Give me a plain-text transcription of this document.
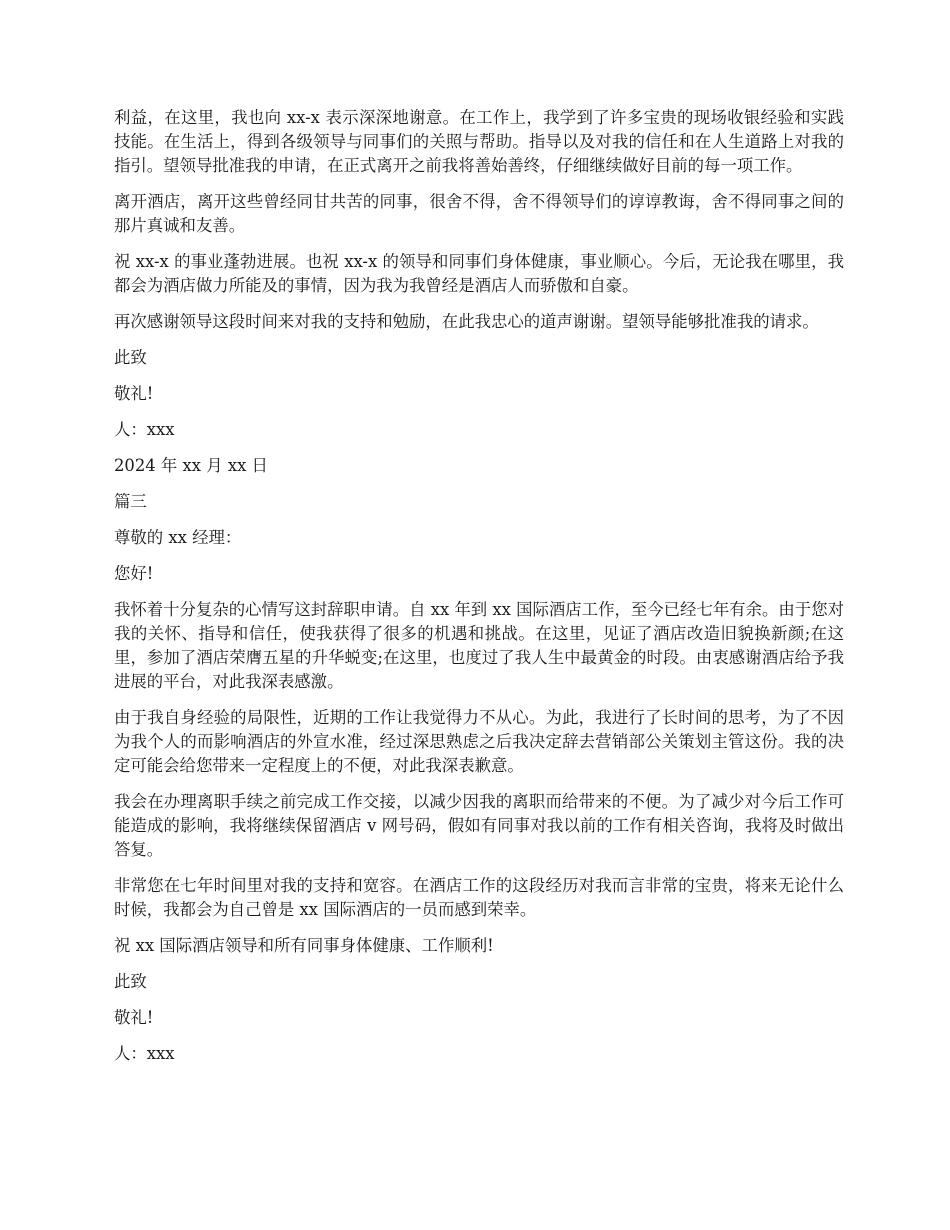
利益，在这里，我也向 xx-x 表示深深地谢意。在工作上，我学到了许多宝贵的现场收银经验和实践技能。在生活上，得到各级领导与同事们的关照与帮助。指导以及对我的信任和在人生道路上对我的指引。望领导批准我的申请，在正式离开之前我将善始善终，仔细继续做好目前的每一项工作。

离开酒店，离开这些曾经同甘共苦的同事，很舍不得，舍不得领导们的谆谆教诲，舍不得同事之间的那片真诚和友善。

祝 xx-x 的事业蓬勃进展。也祝 xx-x 的领导和同事们身体健康，事业顺心。今后，无论我在哪里，我都会为酒店做力所能及的事情，因为我为我曾经是酒店人而骄傲和自豪。

再次感谢领导这段时间来对我的支持和勉励，在此我忠心的道声谢谢。望领导能够批准我的请求。

此致

敬礼!

人：xxx

2024 年 xx 月 xx 日

篇三

尊敬的 xx 经理：

您好!

我怀着十分复杂的心情写这封辞职申请。自 xx 年到 xx 国际酒店工作，至今已经七年有余。由于您对我的关怀、指导和信任，使我获得了很多的机遇和挑战。在这里，见证了酒店改造旧貌换新颜;在这里，参加了酒店荣膺五星的升华蜕变;在这里，也度过了我人生中最黄金的时段。由衷感谢酒店给予我进展的平台，对此我深表感激。

由于我自身经验的局限性，近期的工作让我觉得力不从心。为此，我进行了长时间的思考，为了不因为我个人的而影响酒店的外宣水准，经过深思熟虑之后我决定辞去营销部公关策划主管这份。我的决定可能会给您带来一定程度上的不便，对此我深表歉意。

我会在办理离职手续之前完成工作交接，以减少因我的离职而给带来的不便。为了减少对今后工作可能造成的影响，我将继续保留酒店 v 网号码，假如有同事对我以前的工作有相关咨询，我将及时做出答复。

非常您在七年时间里对我的支持和宽容。在酒店工作的这段经历对我而言非常的宝贵，将来无论什么时候，我都会为自己曾是 xx 国际酒店的一员而感到荣幸。

祝 xx 国际酒店领导和所有同事身体健康、工作顺利!

此致

敬礼!

人：xxx
